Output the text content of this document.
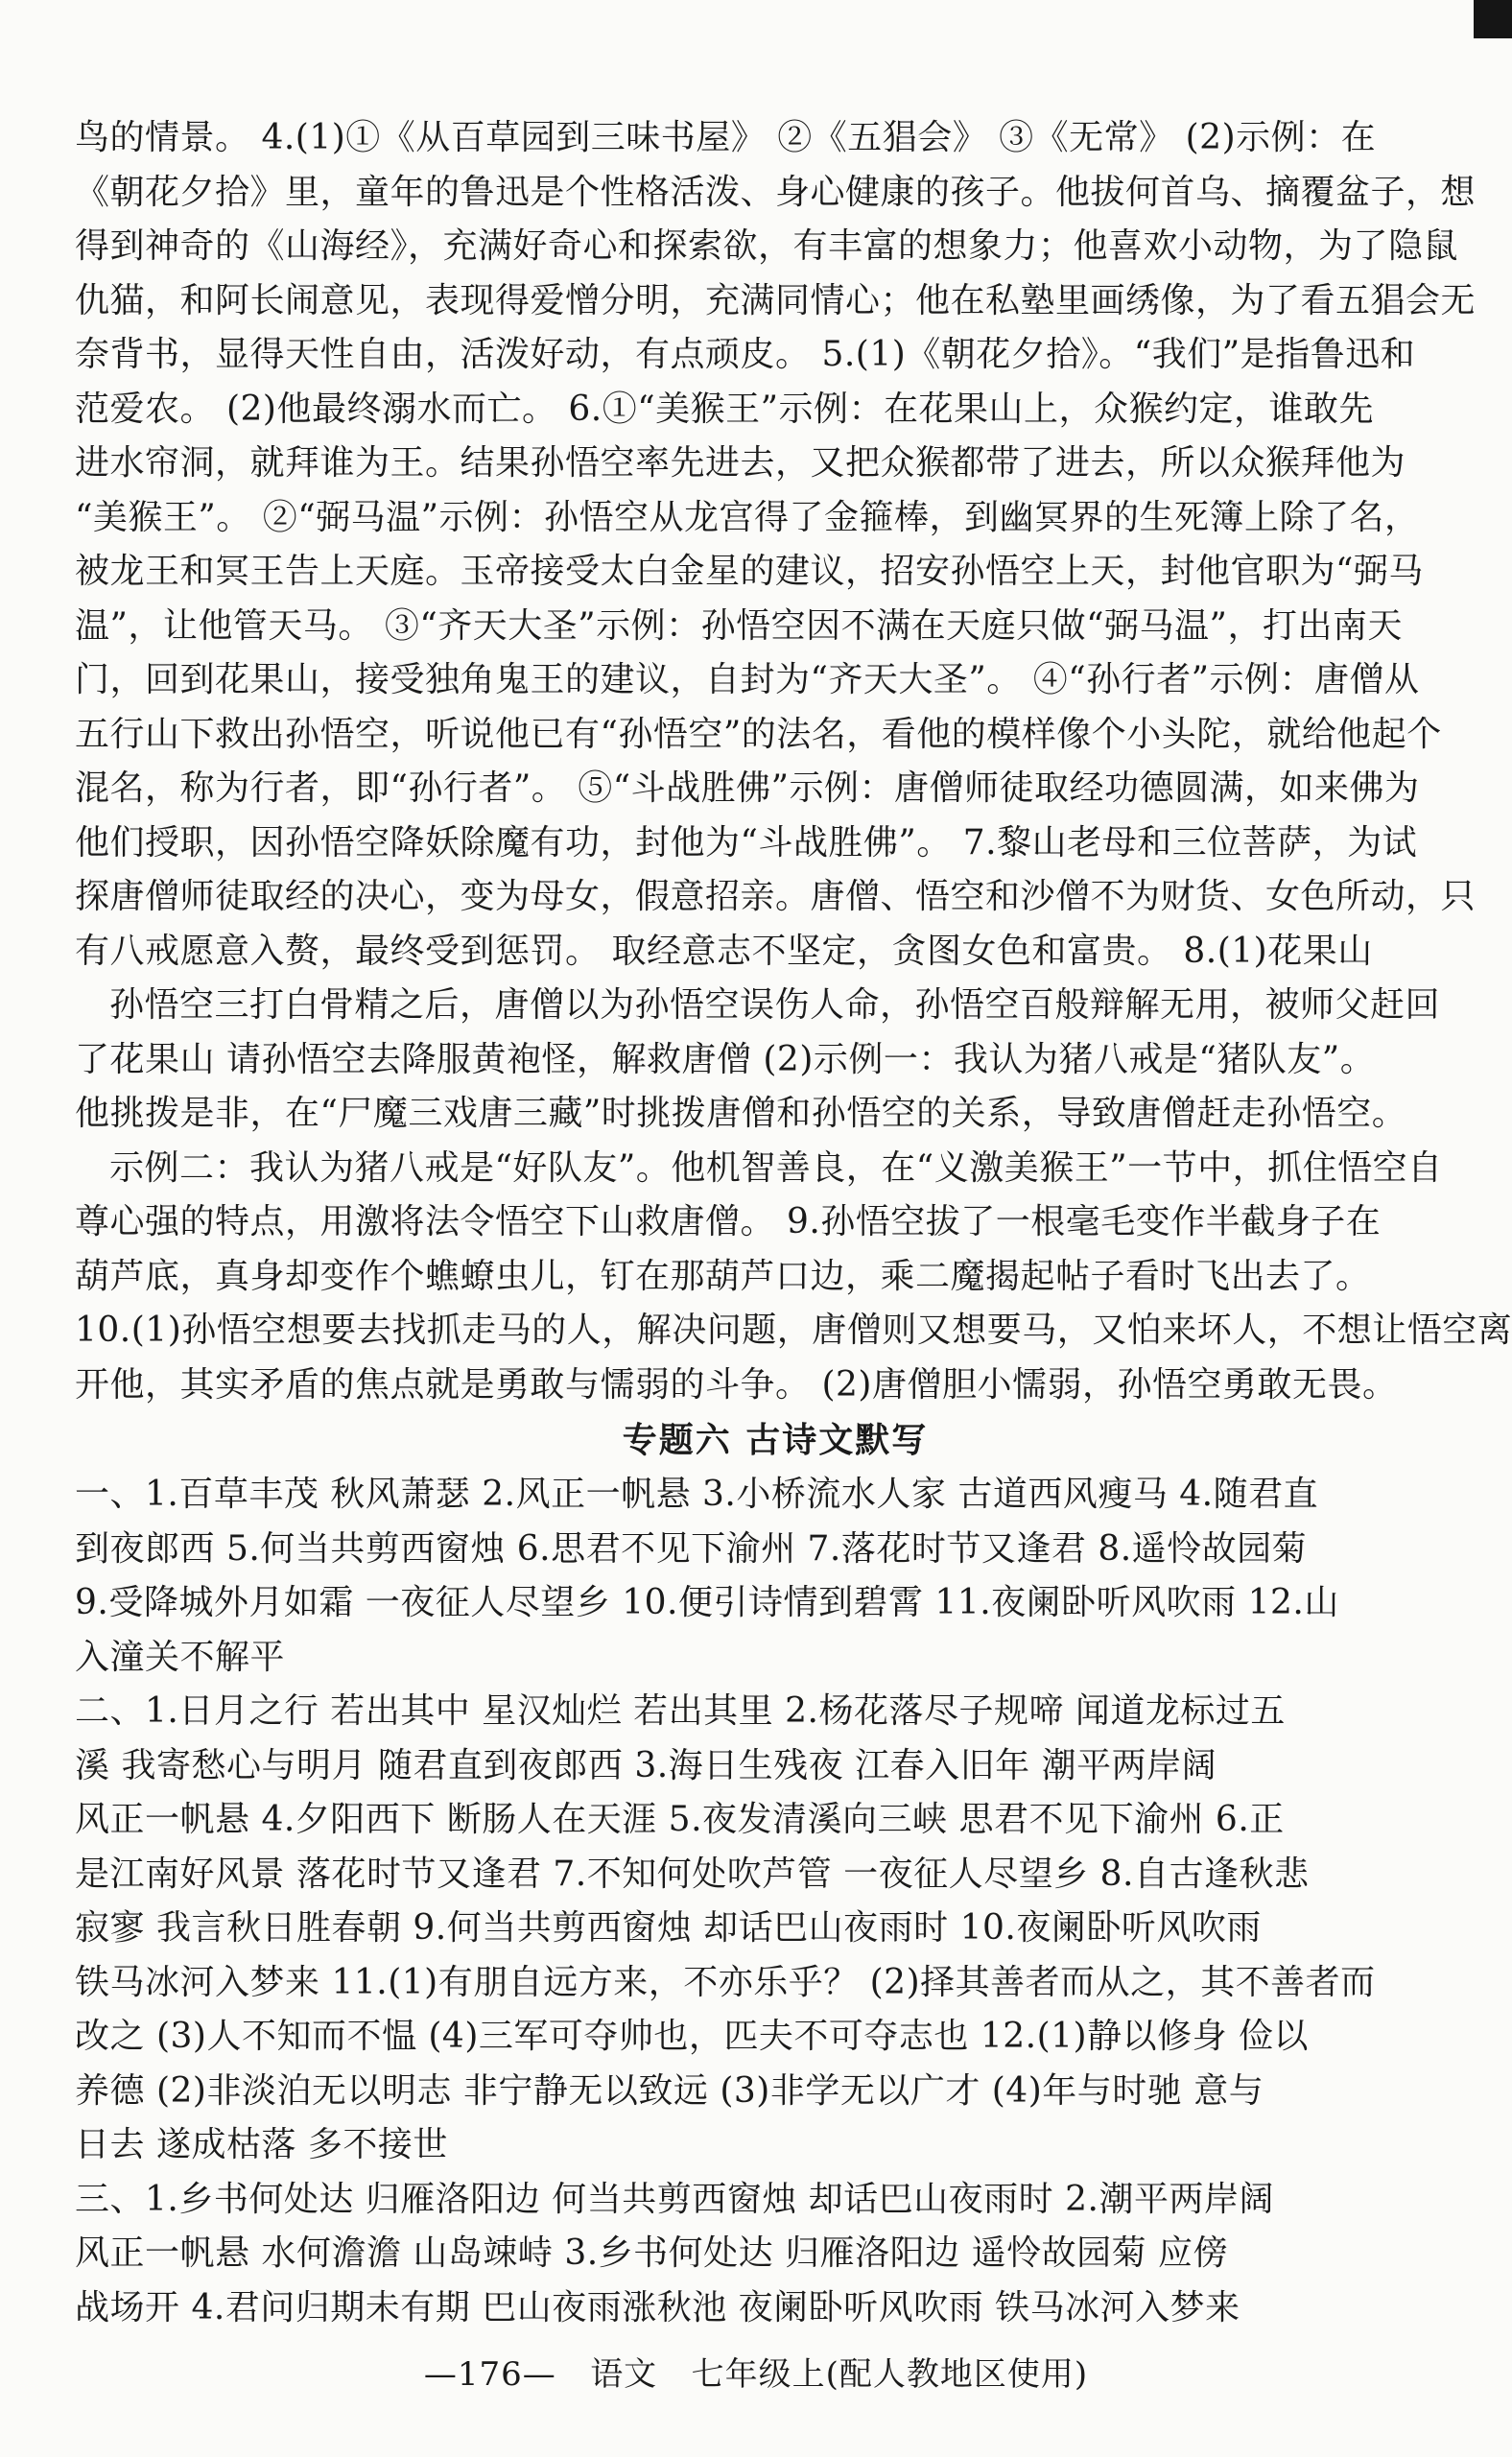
鸟的情景。 4.(1)①《从百草园到三味书屋》 ②《五猖会》 ③《无常》 (2)示例：在
《朝花夕拾》里，童年的鲁迅是个性格活泼、身心健康的孩子。他拔何首乌、摘覆盆子，想
得到神奇的《山海经》，充满好奇心和探索欲，有丰富的想象力；他喜欢小动物，为了隐鼠
仇猫，和阿长闹意见，表现得爱憎分明，充满同情心；他在私塾里画绣像，为了看五猖会无
奈背书，显得天性自由，活泼好动，有点顽皮。 5.(1)《朝花夕拾》。“我们”是指鲁迅和
范爱农。 (2)他最终溺水而亡。 6.①“美猴王”示例：在花果山上，众猴约定，谁敢先
进水帘洞，就拜谁为王。结果孙悟空率先进去，又把众猴都带了进去，所以众猴拜他为
“美猴王”。 ②“弼马温”示例：孙悟空从龙宫得了金箍棒，到幽冥界的生死簿上除了名，
被龙王和冥王告上天庭。玉帝接受太白金星的建议，招安孙悟空上天，封他官职为“弼马
温”，让他管天马。 ③“齐天大圣”示例：孙悟空因不满在天庭只做“弼马温”，打出南天
门，回到花果山，接受独角鬼王的建议，自封为“齐天大圣”。 ④“孙行者”示例：唐僧从
五行山下救出孙悟空，听说他已有“孙悟空”的法名，看他的模样像个小头陀，就给他起个
混名，称为行者，即“孙行者”。 ⑤“斗战胜佛”示例：唐僧师徒取经功德圆满，如来佛为
他们授职，因孙悟空降妖除魔有功，封他为“斗战胜佛”。 7.黎山老母和三位菩萨，为试
探唐僧师徒取经的决心，变为母女，假意招亲。唐僧、悟空和沙僧不为财货、女色所动，只
有八戒愿意入赘，最终受到惩罚。 取经意志不坚定，贪图女色和富贵。 8.(1)花果山
孙悟空三打白骨精之后，唐僧以为孙悟空误伤人命，孙悟空百般辩解无用，被师父赶回
了花果山 请孙悟空去降服黄袍怪，解救唐僧 (2)示例一：我认为猪八戒是“猪队友”。
他挑拨是非，在“尸魔三戏唐三藏”时挑拨唐僧和孙悟空的关系，导致唐僧赶走孙悟空。
示例二：我认为猪八戒是“好队友”。他机智善良，在“义激美猴王”一节中，抓住悟空自
尊心强的特点，用激将法令悟空下山救唐僧。 9.孙悟空拔了一根毫毛变作半截身子在
葫芦底，真身却变作个蟭蟟虫儿，钉在那葫芦口边，乘二魔揭起帖子看时飞出去了。
10.(1)孙悟空想要去找抓走马的人，解决问题，唐僧则又想要马，又怕来坏人，不想让悟空离
开他，其实矛盾的焦点就是勇敢与懦弱的斗争。 (2)唐僧胆小懦弱，孙悟空勇敢无畏。
专题六 古诗文默写
一、1.百草丰茂 秋风萧瑟 2.风正一帆悬 3.小桥流水人家 古道西风瘦马 4.随君直
到夜郎西 5.何当共剪西窗烛 6.思君不见下渝州 7.落花时节又逢君 8.遥怜故园菊
9.受降城外月如霜 一夜征人尽望乡 10.便引诗情到碧霄 11.夜阑卧听风吹雨 12.山
入潼关不解平
二、1.日月之行 若出其中 星汉灿烂 若出其里 2.杨花落尽子规啼 闻道龙标过五
溪 我寄愁心与明月 随君直到夜郎西 3.海日生残夜 江春入旧年 潮平两岸阔
风正一帆悬 4.夕阳西下 断肠人在天涯 5.夜发清溪向三峡 思君不见下渝州 6.正
是江南好风景 落花时节又逢君 7.不知何处吹芦管 一夜征人尽望乡 8.自古逢秋悲
寂寥 我言秋日胜春朝 9.何当共剪西窗烛 却话巴山夜雨时 10.夜阑卧听风吹雨
铁马冰河入梦来 11.(1)有朋自远方来，不亦乐乎？ (2)择其善者而从之，其不善者而
改之 (3)人不知而不愠 (4)三军可夺帅也，匹夫不可夺志也 12.(1)静以修身 俭以
养德 (2)非淡泊无以明志 非宁静无以致远 (3)非学无以广才 (4)年与时驰 意与
日去 遂成枯落 多不接世
三、1.乡书何处达 归雁洛阳边 何当共剪西窗烛 却话巴山夜雨时 2.潮平两岸阔
风正一帆悬 水何澹澹 山岛竦峙 3.乡书何处达 归雁洛阳边 遥怜故园菊 应傍
战场开 4.君问归期未有期 巴山夜雨涨秋池 夜阑卧听风吹雨 铁马冰河入梦来
—176— 语文 七年级上(配人教地区使用)
